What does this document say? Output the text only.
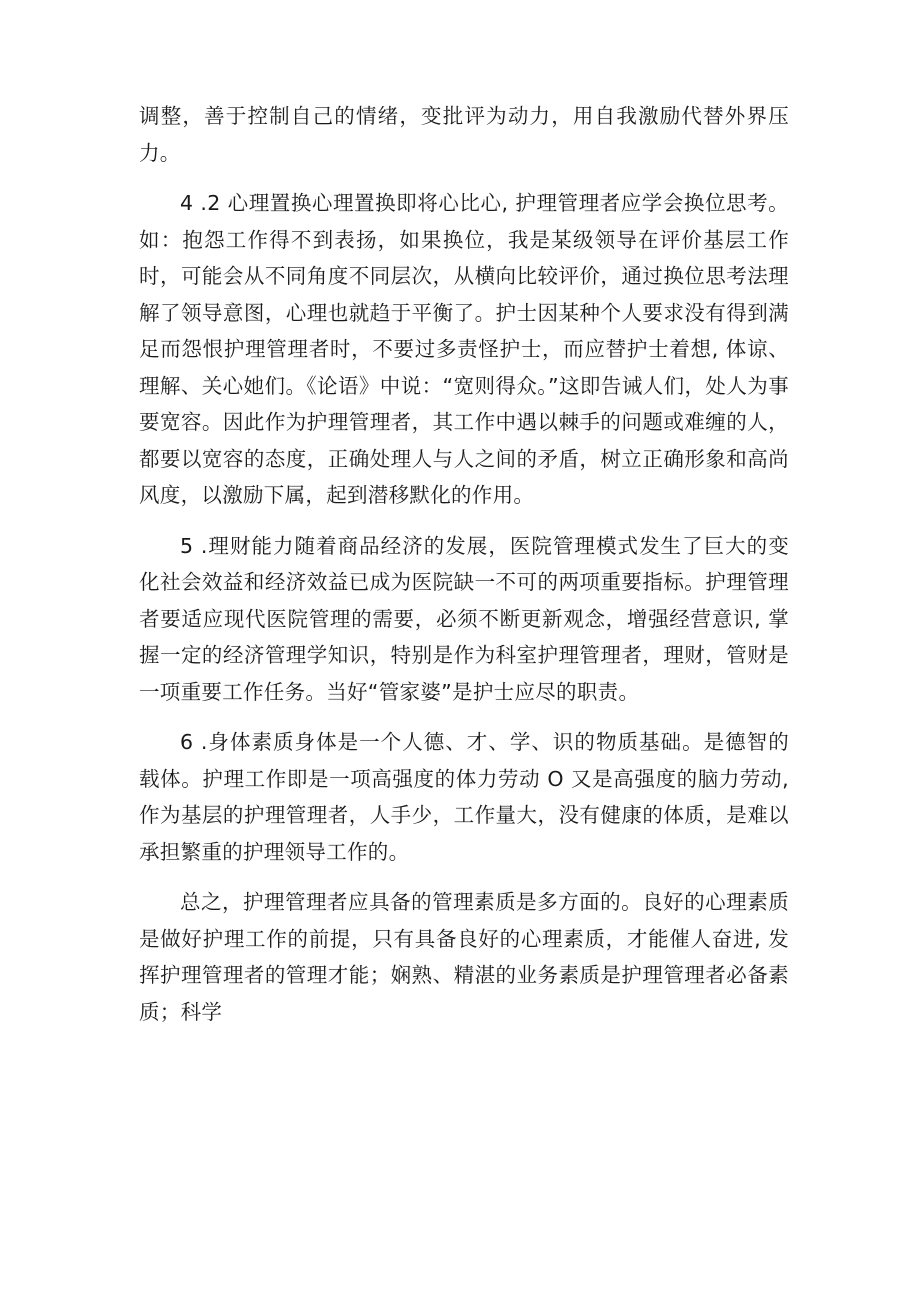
调整，善于控制自己的情绪，变批评为动力，用自我激励代替外界压力。

4 .2 心理置换心理置换即将心比心, 护理管理者应学会换位思考。如：抱怨工作得不到表扬，如果换位，我是某级领导在评价基层工作时，可能会从不同角度不同层次，从横向比较评价，通过换位思考法理解了领导意图，心理也就趋于平衡了。护士因某种个人要求没有得到满足而怨恨护理管理者时，不要过多责怪护士，而应替护士着想, 体谅、理解、关心她们。《论语》中说：“宽则得众。”这即告诫人们，处人为事要宽容。因此作为护理管理者，其工作中遇以棘手的问题或难缠的人，都要以宽容的态度，正确处理人与人之间的矛盾，树立正确形象和高尚风度，以激励下属，起到潜移默化的作用。

5 .理财能力随着商品经济的发展，医院管理模式发生了巨大的变化社会效益和经济效益已成为医院缺一不可的两项重要指标。护理管理者要适应现代医院管理的需要，必须不断更新观念，增强经营意识, 掌握一定的经济管理学知识，特别是作为科室护理管理者，理财，管财是一项重要工作任务。当好“管家婆”是护士应尽的职责。

6 .身体素质身体是一个人德、才、学、识的物质基础。是德智的载体。护理工作即是一项高强度的体力劳动 O 又是高强度的脑力劳动, 作为基层的护理管理者，人手少，工作量大，没有健康的体质，是难以承担繁重的护理领导工作的。

总之，护理管理者应具备的管理素质是多方面的。良好的心理素质是做好护理工作的前提，只有具备良好的心理素质，才能催人奋进, 发挥护理管理者的管理才能；娴熟、精湛的业务素质是护理管理者必备素质；科学
